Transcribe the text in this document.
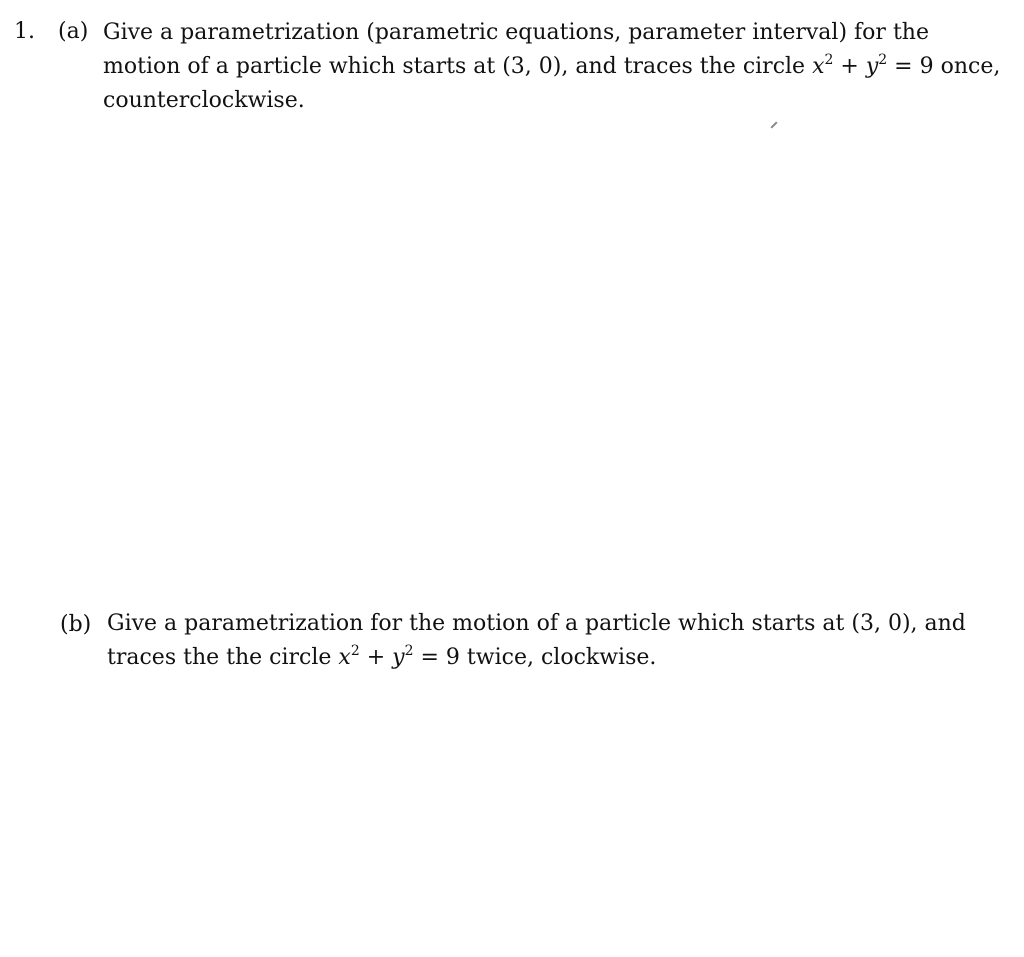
1. (a) Give a parametrization (parametric equations, parameter interval) for the
motion of a particle which starts at (3, 0), and traces the circle $x^2 + y^2 = 9$ once,
counterclockwise.
(b) Give a parametrization for the motion of a particle which starts at (3, 0), and
traces the the circle $x^2 + y^2 = 9$ twice, clockwise.
